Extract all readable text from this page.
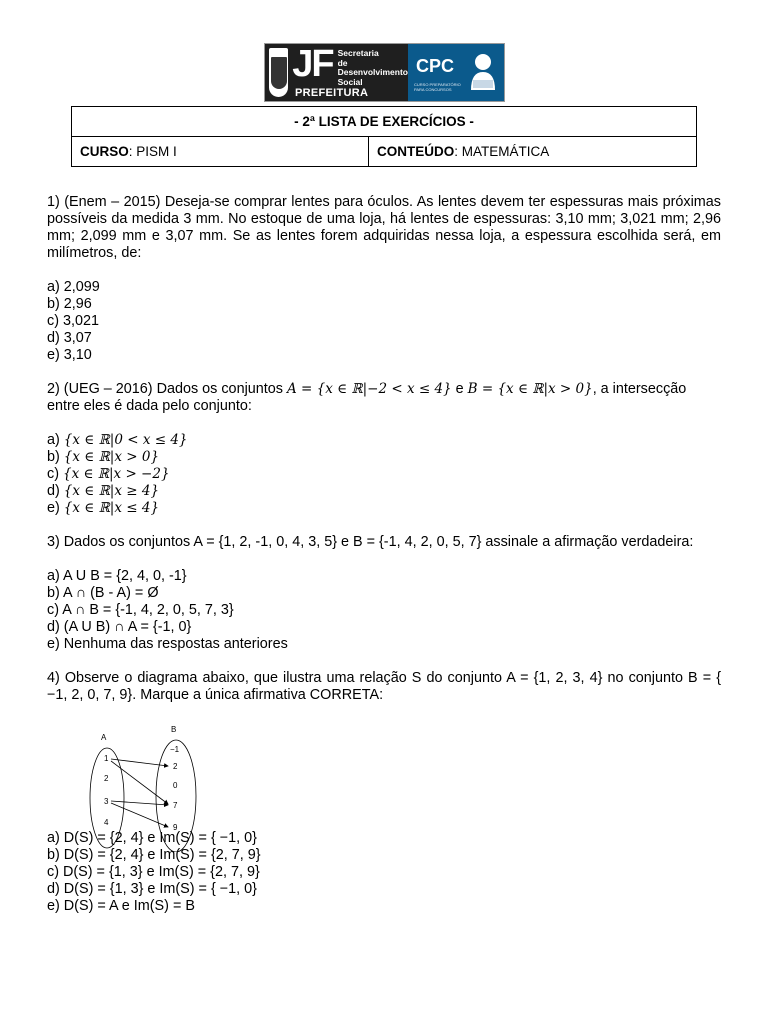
JF Secretaria
de Desenvolvimento
Social
PREFEITURA
CPC
CURSO PREPARATÓRIO PARA CONCURSOS
- 2ª LISTA DE EXERCÍCIOS -
CURSO: PISM I	CONTEÚDO: MATEMÁTICA

1) (Enem – 2015) Deseja-se comprar lentes para óculos. As lentes devem ter espessuras mais próximas possíveis da medida 3 mm. No estoque de uma loja, há lentes de espessuras: 3,10 mm; 3,021 mm; 2,96 mm; 2,099 mm e 3,07 mm. Se as lentes forem adquiridas nessa loja, a espessura escolhida será, em milímetros, de:

a) 2,099

b) 2,96

c) 3,021

d) 3,07

e) 3,10

2) (UEG – 2016) Dados os conjuntos A = {x ∈ ℝ|−2 < x ≤ 4} e B = {x ∈ ℝ|x > 0}, a intersecção
entre eles é dada pelo conjunto:

a) {x ∈ ℝ|0 < x ≤ 4}

b) {x ∈ ℝ|x > 0}

c) {x ∈ ℝ|x > −2}

d) {x ∈ ℝ|x ≥ 4}

e) {x ∈ ℝ|x ≤ 4}

3) Dados os conjuntos A = {1, 2, -1, 0, 4, 3, 5} e B = {-1, 4, 2, 0, 5, 7} assinale a afirmação verdadeira:

a) A U B = {2, 4, 0, -1}

b) A ∩ (B - A) = Ø

c) A ∩ B = {-1, 4, 2, 0, 5, 7, 3}

d) (A U B) ∩ A = {-1, 0}

e) Nenhuma das respostas anteriores

4) Observe o diagrama abaixo, que ilustra uma relação S do conjunto A = {1, 2, 3, 4} no conjunto B = { −1, 2, 0, 7, 9}. Marque a única afirmativa CORRETA:

a) D(S) = {2, 4} e Im(S) = { −1, 0}

b) D(S) = {2, 4} e Im(S) = {2, 7, 9}

c) D(S) = {1, 3} e Im(S) = {2, 7, 9}

d) D(S) = {1, 3} e Im(S) = { −1, 0}

e) D(S) = A e Im(S) = B

A
B
1
2
3
4
−1
2
0
7
9
